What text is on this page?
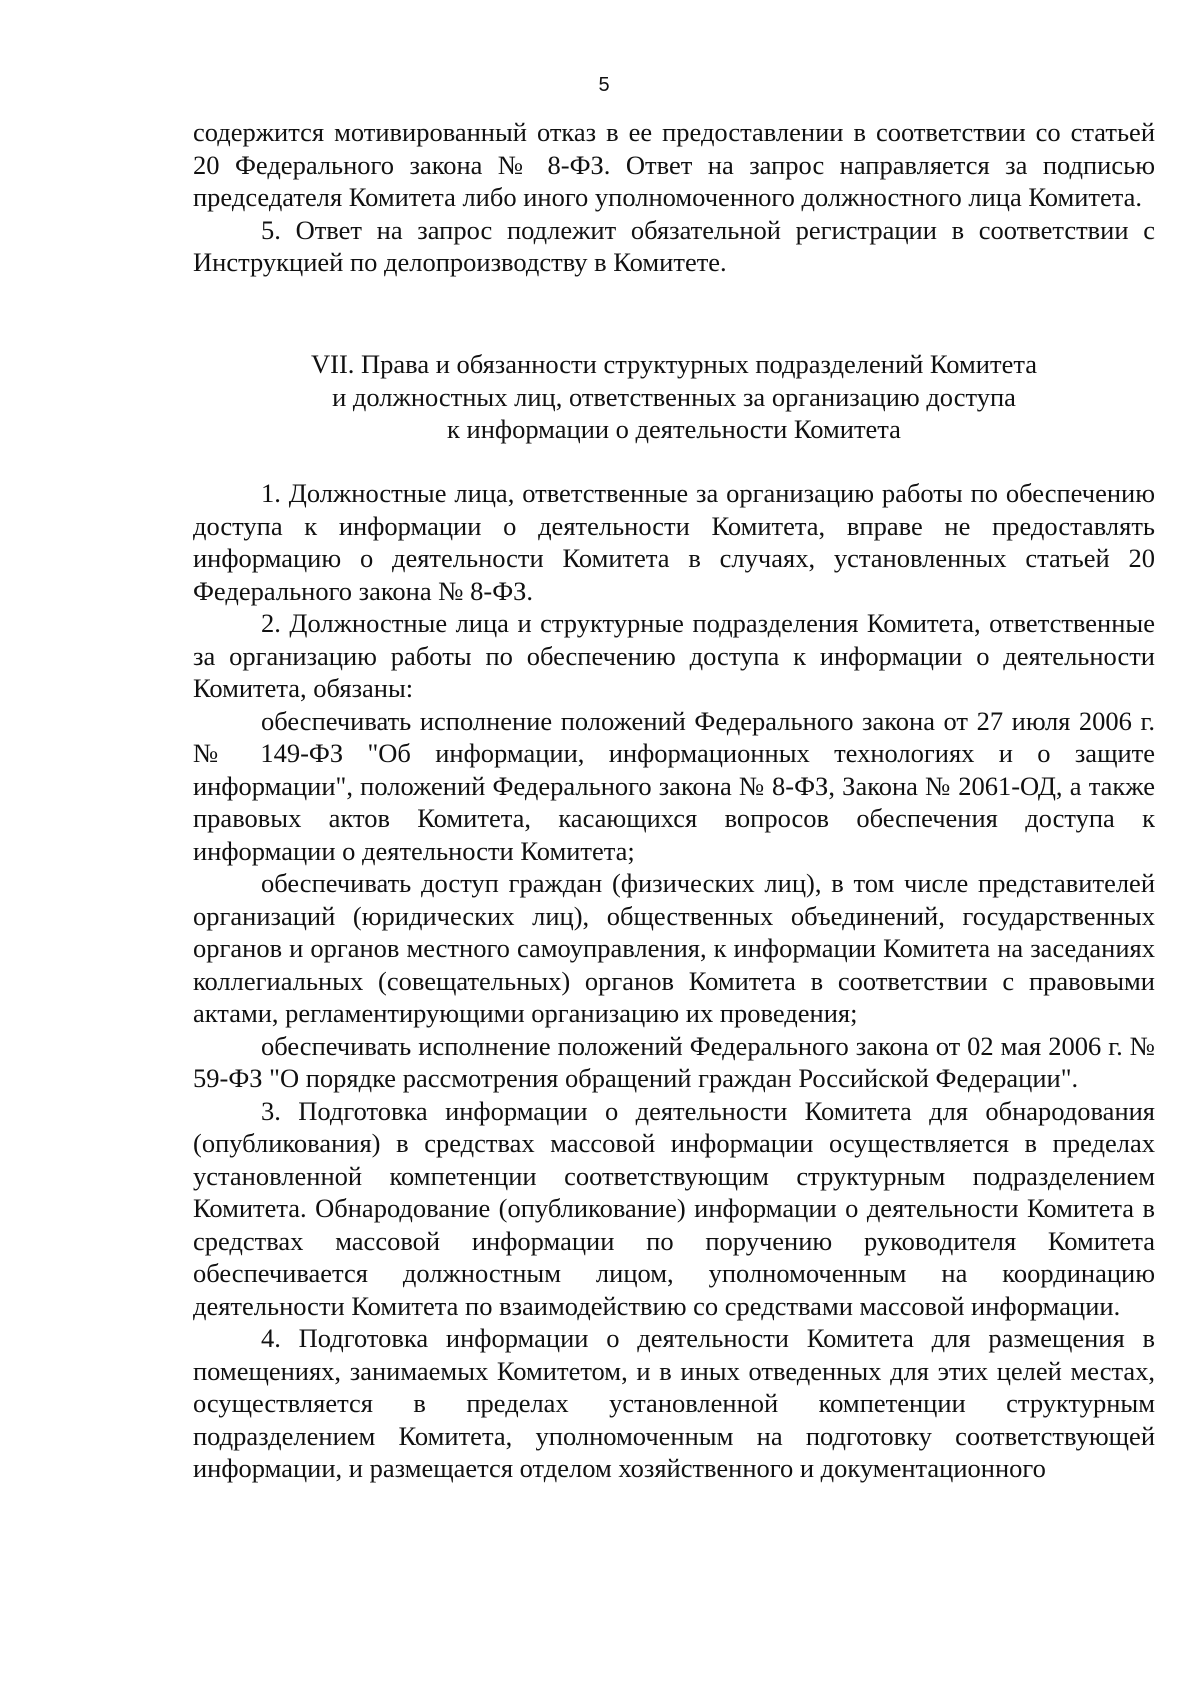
5

содержится мотивированный отказ в ее предоставлении в соответствии со статьей 20 Федерального закона № 8-ФЗ. Ответ на запрос направляется за подписью председателя Комитета либо иного уполномоченного должностного лица Комитета.

5. Ответ на запрос подлежит обязательной регистрации в соответствии с Инструкцией по делопроизводству в Комитете.

VII. Права и обязанности структурных подразделений Комитета

и должностных лиц, ответственных за организацию доступа

к информации о деятельности Комитета

1. Должностные лица, ответственные за организацию работы по обеспечению доступа к информации о деятельности Комитета, вправе не предоставлять информацию о деятельности Комитета в случаях, установленных статьей 20 Федерального закона № 8-ФЗ.

2. Должностные лица и структурные подразделения Комитета, ответственные за организацию работы по обеспечению доступа к информации о деятельности Комитета, обязаны:

обеспечивать исполнение положений Федерального закона от 27 июля 2006 г. № 149-ФЗ "Об информации, информационных технологиях и о защите информации", положений Федерального закона № 8-ФЗ, Закона № 2061-ОД, а также правовых актов Комитета, касающихся вопросов обеспечения доступа к информации о деятельности Комитета;

обеспечивать доступ граждан (физических лиц), в том числе представителей организаций (юридических лиц), общественных объединений, государственных органов и органов местного самоуправления, к информации Комитета на заседаниях коллегиальных (совещательных) органов Комитета в соответствии с правовыми актами, регламентирующими организацию их проведения;

обеспечивать исполнение положений Федерального закона от 02 мая 2006 г. № 59-ФЗ "О порядке рассмотрения обращений граждан Российской Федерации".

3. Подготовка информации о деятельности Комитета для обнародования (опубликования) в средствах массовой информации осуществляется в пределах установленной компетенции соответствующим структурным подразделением Комитета. Обнародование (опубликование) информации о деятельности Комитета в средствах массовой информации по поручению руководителя Комитета обеспечивается должностным лицом, уполномоченным на координацию деятельности Комитета по взаимодействию со средствами массовой информации.

4. Подготовка информации о деятельности Комитета для размещения в помещениях, занимаемых Комитетом, и в иных отведенных для этих целей местах, осуществляется в пределах установленной компетенции структурным подразделением Комитета, уполномоченным на подготовку соответствующей информации, и размещается отделом хозяйственного и документационного
